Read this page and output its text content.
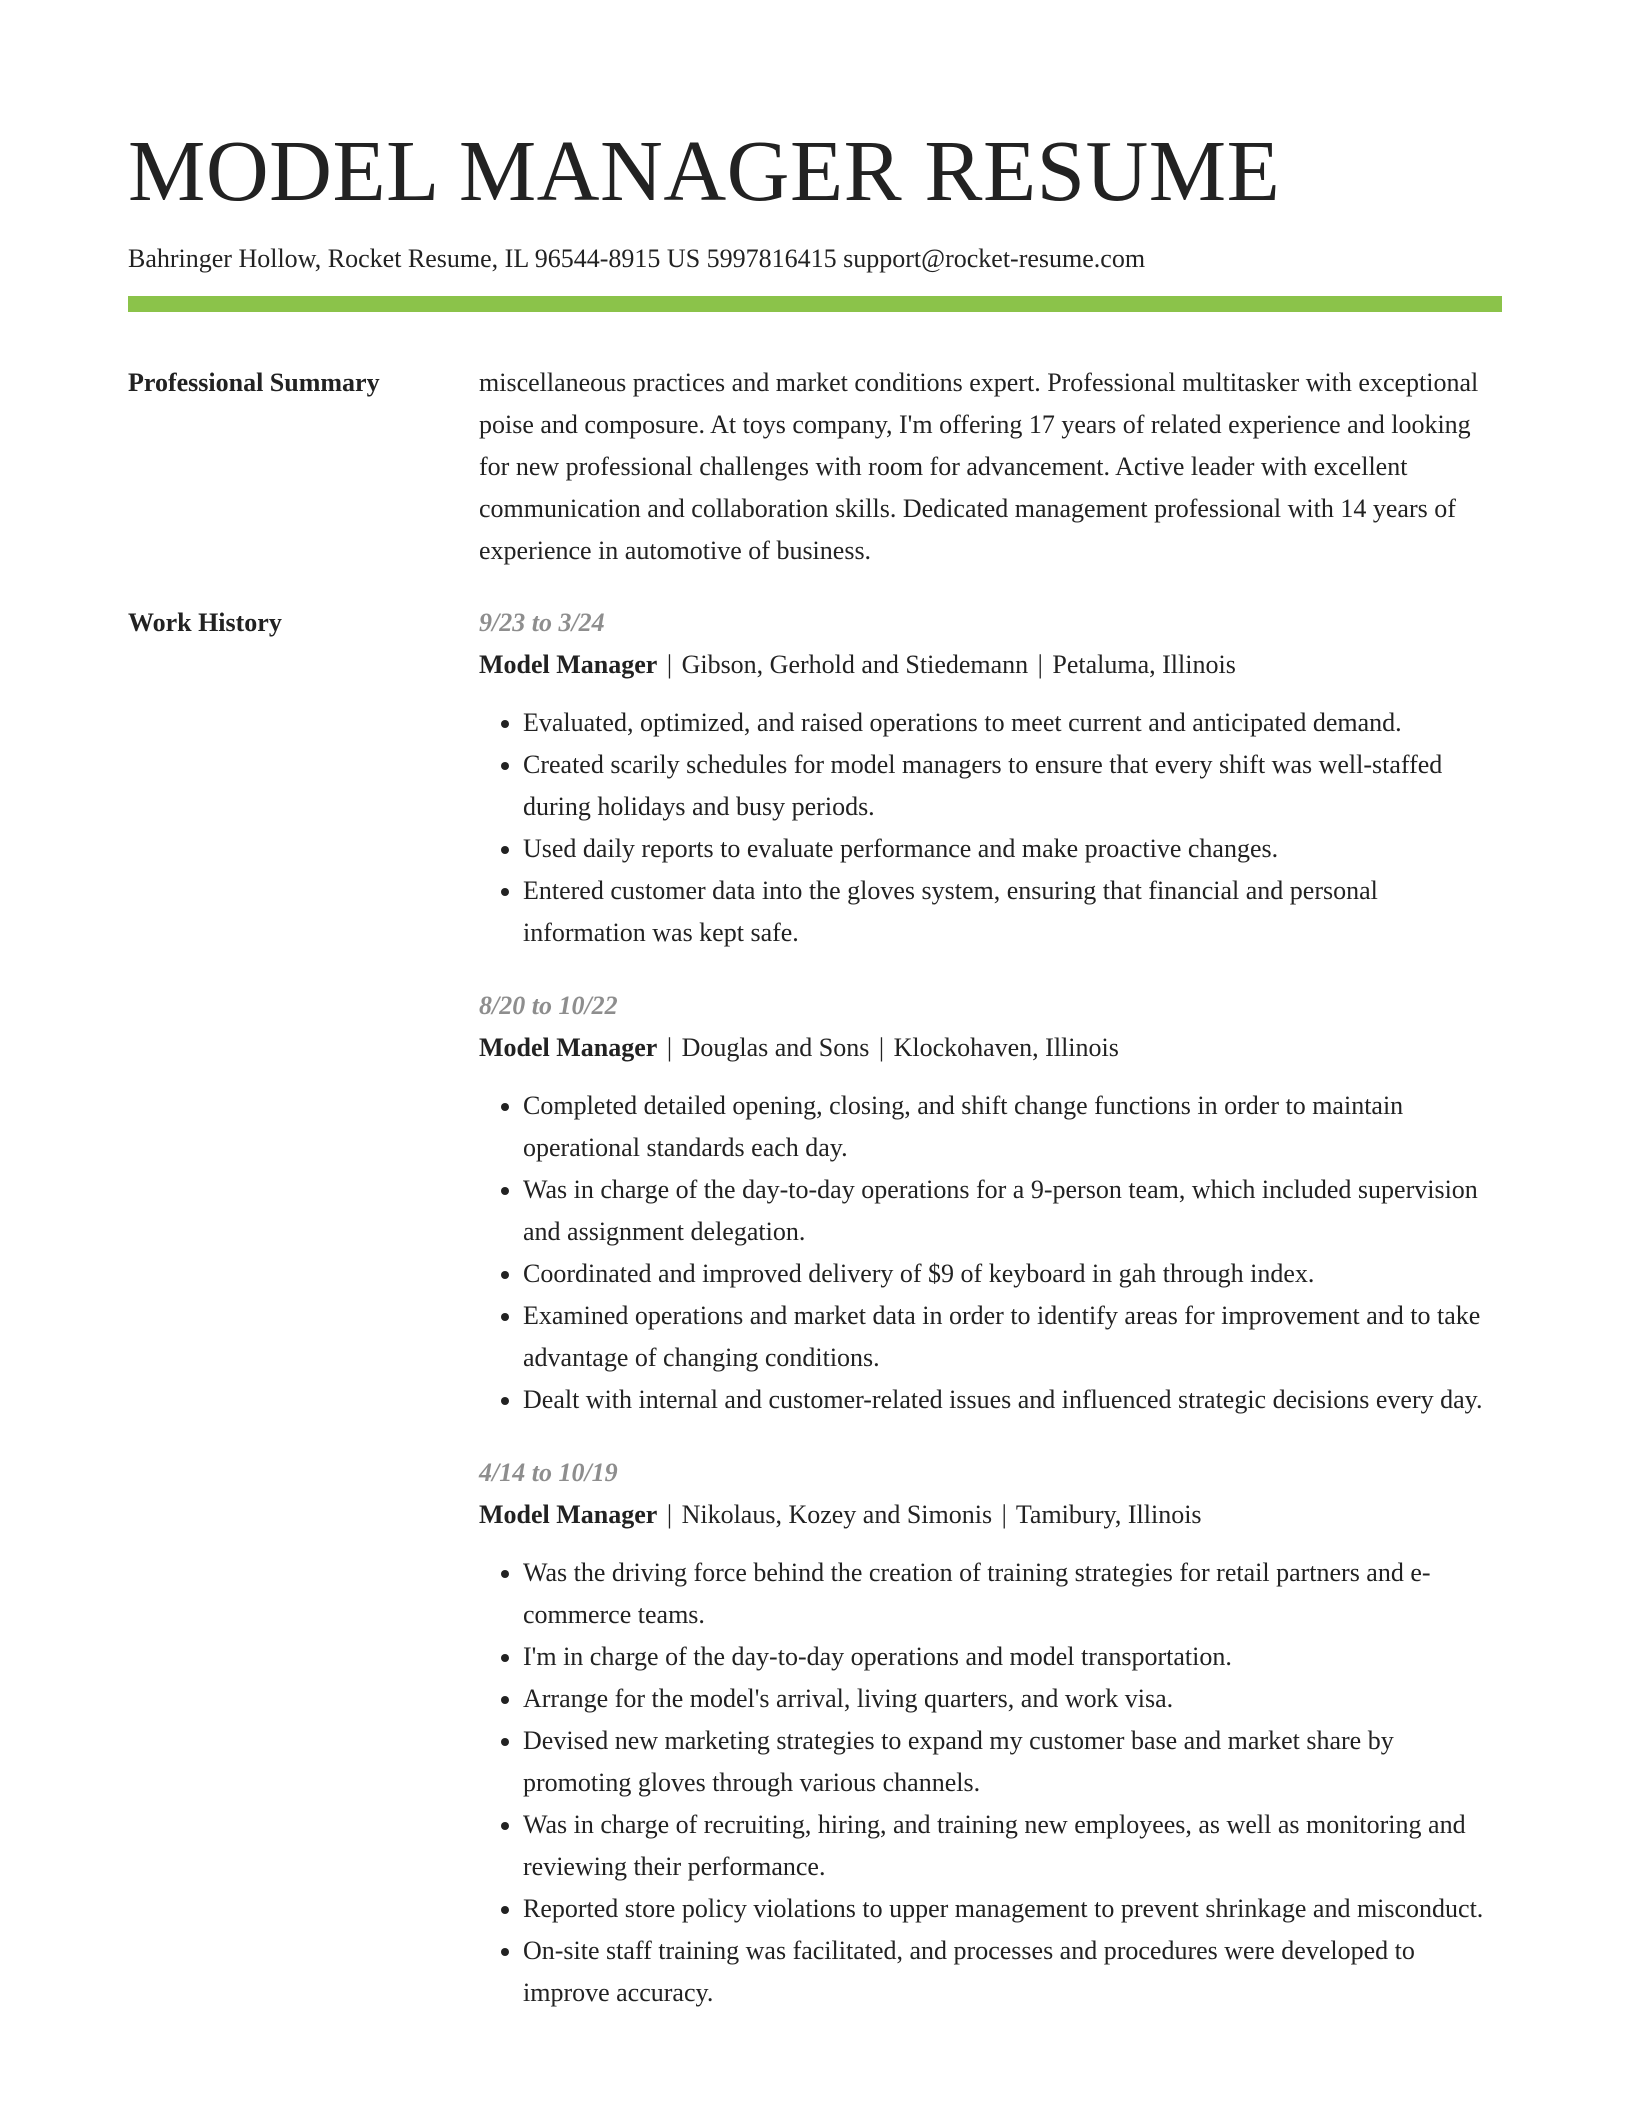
MODEL MANAGER RESUME
Bahringer Hollow, Rocket Resume, IL 96544-8915 US 5997816415 support@rocket-resume.com
Professional Summary	miscellaneous practices and market conditions expert. Professional multitasker with exceptional poise and composure. At toys company, I'm offering 17 years of related experience and looking for new professional challenges with room for advancement. Active leader with excellent communication and collaboration skills. Dedicated management professional with 14 years of experience in automotive of business.

Work History	9/23 to 3/24
Model Manager | Gibson, Gerhold and Stiedemann | Petaluma, Illinois
• Evaluated, optimized, and raised operations to meet current and anticipated demand.
• Created scarily schedules for model managers to ensure that every shift was well-staffed during holidays and busy periods.
• Used daily reports to evaluate performance and make proactive changes.
• Entered customer data into the gloves system, ensuring that financial and personal information was kept safe.
8/20 to 10/22
Model Manager | Douglas and Sons | Klockohaven, Illinois
• Completed detailed opening, closing, and shift change functions in order to maintain operational standards each day.
• Was in charge of the day-to-day operations for a 9-person team, which included supervision and assignment delegation.
• Coordinated and improved delivery of $9 of keyboard in gah through index.
• Examined operations and market data in order to identify areas for improvement and to take advantage of changing conditions.
• Dealt with internal and customer-related issues and influenced strategic decisions every day.
4/14 to 10/19
Model Manager | Nikolaus, Kozey and Simonis | Tamibury, Illinois
• Was the driving force behind the creation of training strategies for retail partners and e-commerce teams.
• I'm in charge of the day-to-day operations and model transportation.
• Arrange for the model's arrival, living quarters, and work visa.
• Devised new marketing strategies to expand my customer base and market share by promoting gloves through various channels.
• Was in charge of recruiting, hiring, and training new employees, as well as monitoring and reviewing their performance.
• Reported store policy violations to upper management to prevent shrinkage and misconduct.
• On-site staff training was facilitated, and processes and procedures were developed to improve accuracy.
